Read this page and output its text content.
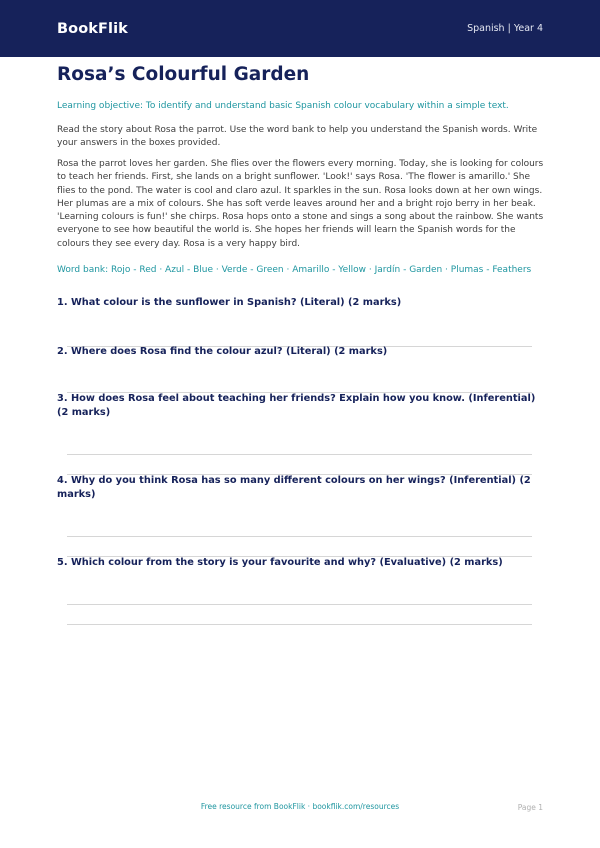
BookFlik	Spanish | Year 4
Rosa’s Colourful Garden
Learning objective: To identify and understand basic Spanish colour vocabulary within a simple text.
Read the story about Rosa the parrot. Use the word bank to help you understand the Spanish words. Write your answers in the boxes provided.
Rosa the parrot loves her garden. She flies over the flowers every morning. Today, she is looking for colours to teach her friends. First, she lands on a bright sunflower. 'Look!' says Rosa. 'The flower is amarillo.' She flies to the pond. The water is cool and claro azul. It sparkles in the sun. Rosa looks down at her own wings. Her plumas are a mix of colours. She has soft verde leaves around her and a bright rojo berry in her beak. 'Learning colours is fun!' she chirps. Rosa hops onto a stone and sings a song about the rainbow. She wants everyone to see how beautiful the world is. She hopes her friends will learn the Spanish words for the colours they see every day. Rosa is a very happy bird.
Word bank: Rojo - Red · Azul - Blue · Verde - Green · Amarillo - Yellow · Jardín - Garden · Plumas - Feathers
1. What colour is the sunflower in Spanish? (Literal) (2 marks)
2. Where does Rosa find the colour azul? (Literal) (2 marks)
3. How does Rosa feel about teaching her friends? Explain how you know. (Inferential) (2 marks)
4. Why do you think Rosa has so many different colours on her wings? (Inferential) (2 marks)
5. Which colour from the story is your favourite and why? (Evaluative) (2 marks)
Free resource from BookFlik · bookflik.com/resources	Page 1
